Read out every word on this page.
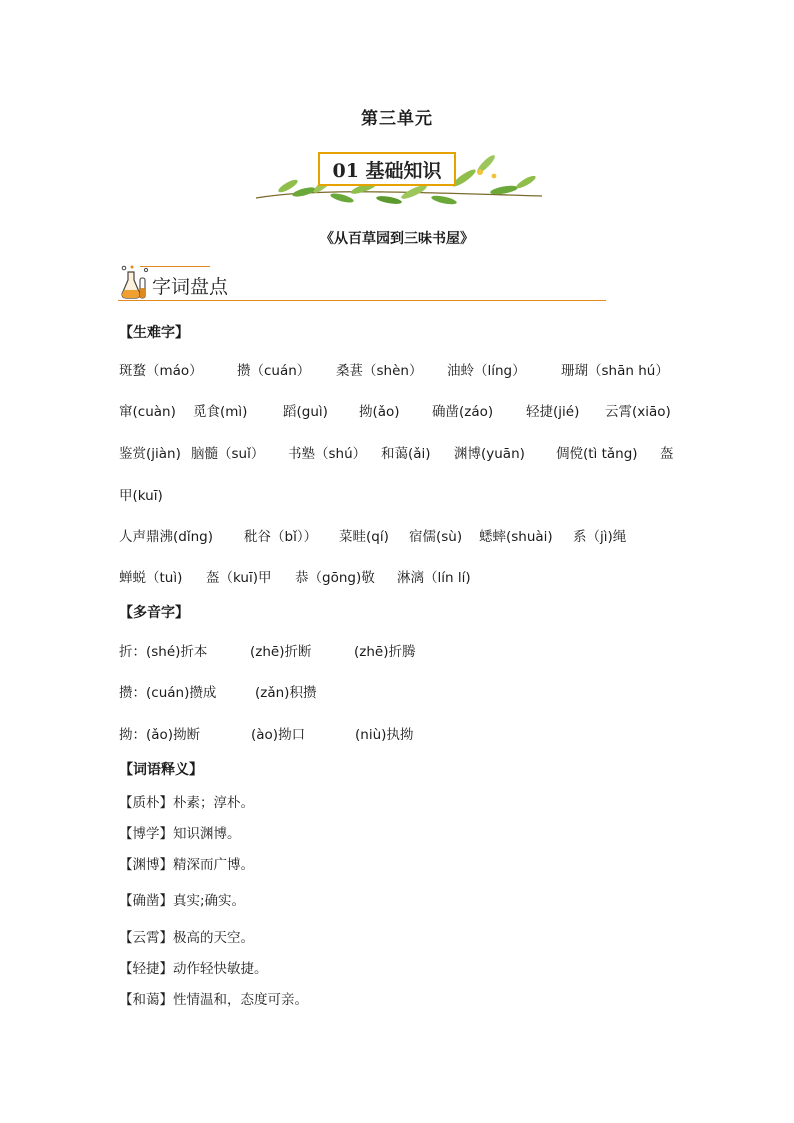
第三单元
01 基础知识
《从百草园到三味书屋》
字词盘点
【生难字】
斑蝥（máo）	攒（cuán） 桑葚（shèn） 油蛉（líng）	珊瑚（shān hú）
窜(cuàn) 觅食(mì)	蹈(guì) 拗(ǎo) 确凿(záo) 轻捷(jié) 云霄(xiāo)
鉴赏(jiàn) 脑髓（suǐ） 书塾（shú） 和蔼(ǎi) 渊博(yuān) 倜傥(tì tǎng) 盔
甲(kuī)
人声鼎沸(dǐng) 秕谷（bǐ）） 菜畦(qí) 宿儒(sù) 蟋蟀(shuài) 系（jì)绳
蝉蜕（tuì) 盔（kuī)甲 恭（gōng)敬 淋漓（lín lí)
【多音字】
折：(shé)折本	(zhē)折断	(zhē)折腾
攒：(cuán)攒成	(zǎn)积攒
拗：(ǎo)拗断	(ào)拗口	(niù)执拗
【词语释义】
【质朴】朴素；淳朴。
【博学】知识渊博。
【渊博】精深而广博。
【确凿】真实;确实。
【云霄】极高的天空。
【轻捷】动作轻快敏捷。
【和蔼】性情温和，态度可亲。
